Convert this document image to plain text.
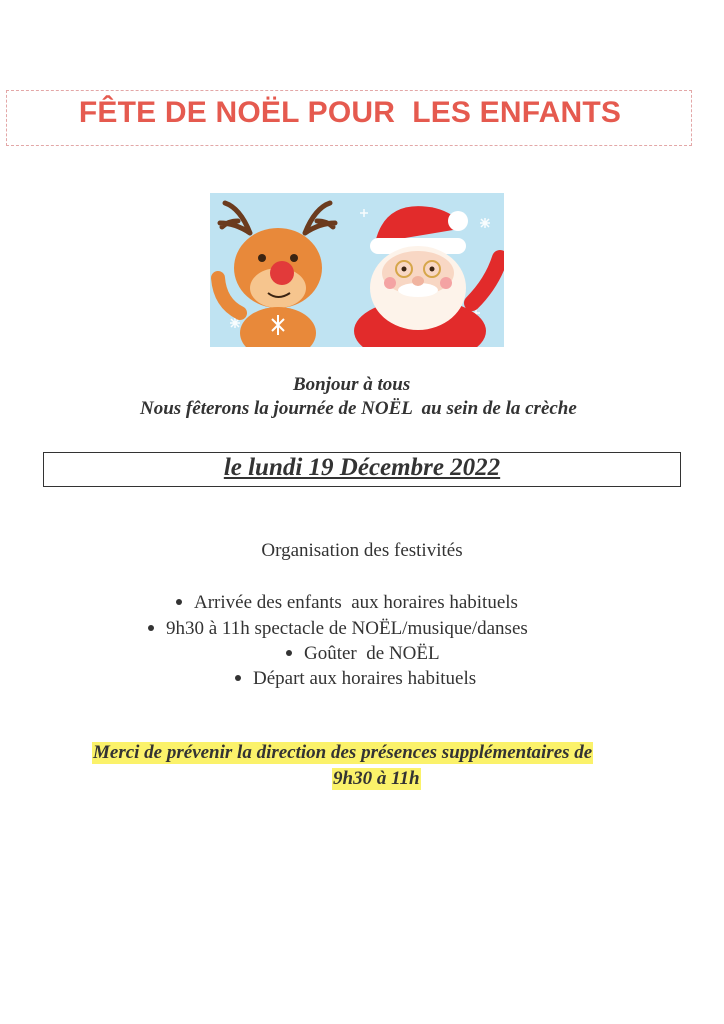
FÊTE DE NOËL POUR  LES ENFANTS
Bonjour à tous
Nous fêterons la journée de NOËL  au sein de la crèche
le lundi 19 Décembre 2022
Organisation des festivités
Arrivée des enfants  aux horaires habituels
9h30 à 11h spectacle de NOËL/musique/danses
Goûter  de NOËL
Départ aux horaires habituels
Merci de prévenir la direction des présences supplémentaires de
9h30 à 11h
